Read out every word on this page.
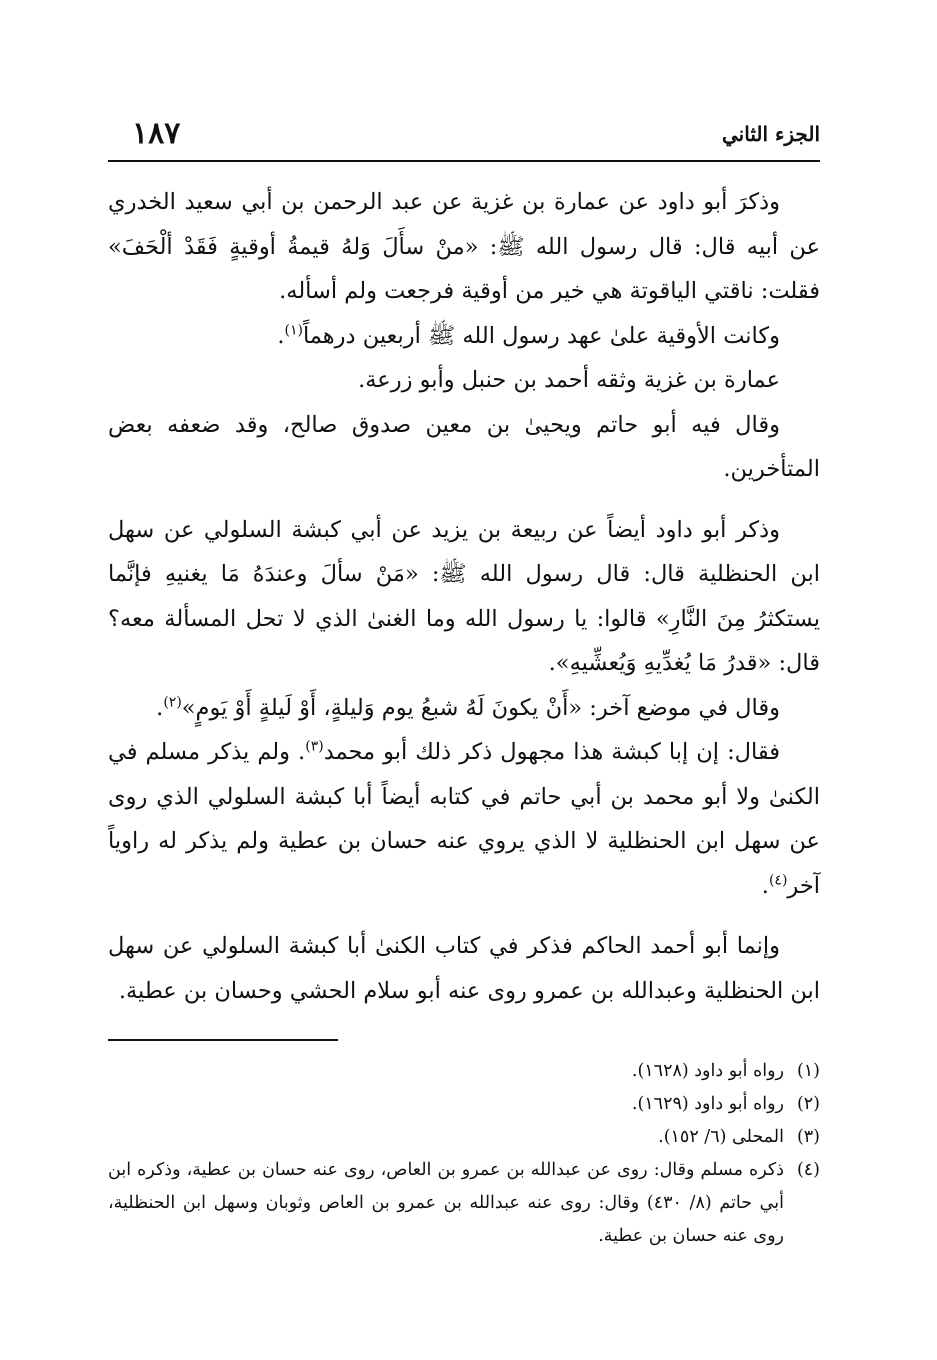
الجزء الثاني
١٨٧

وذكرَ أبو داود عن عمارة بن غزية عن عبد الرحمن بن أبي سعيد الخدري عن أبيه قال: قال رسول الله ﷺ: «منْ سأَلَ وَلهُ قيمةُ أوقيةٍ فَقَدْ ألْحَفَ» فقلت: ناقتي الياقوتة هي خير من أوقية فرجعت ولم أسأله.

وكانت الأوقية علىٰ عهد رسول الله ﷺ أربعين درهماً$^{(١)}$.

عمارة بن غزية وثقه أحمد بن حنبل وأبو زرعة.

وقال فيه أبو حاتم ويحيىٰ بن معين صدوق صالح، وقد ضعفه بعض المتأخرين.

وذكر أبو داود أيضاً عن ربيعة بن يزيد عن أبي كبشة السلولي عن سهل ابن الحنظلية قال: قال رسول الله ﷺ: «مَنْ سألَ وعندَهُ مَا يغنيهِ فإنَّما يستكثرُ مِنَ النَّارِ» قالوا: يا رسول الله وما الغنىٰ الذي لا تحل المسألة معه؟ قال: «قدرُ مَا يُغدِّيهِ وَيُعشِّيهِ».

وقال في موضع آخر: «أَنْ يكونَ لَهُ شبعُ يوم وَليلةٍ، أَوْ لَيلةٍ أَوْ يَومٍ»$^{(٢)}$.

فقال: إن إبا كبشة هذا مجهول ذكر ذلك أبو محمد$^{(٣)}$. ولم يذكر مسلم في الكنىٰ ولا أبو محمد بن أبي حاتم في كتابه أيضاً أبا كبشة السلولي الذي روى عن سهل ابن الحنظلية لا الذي يروي عنه حسان بن عطية ولم يذكر له راوياً آخر$^{(٤)}$.

وإنما أبو أحمد الحاكم فذكر في كتاب الكنىٰ أبا كبشة السلولي عن سهل ابن الحنظلية وعبدالله بن عمرو روى عنه أبو سلام الحشي وحسان بن عطية.

(١)
رواه أبو داود (١٦٢٨).
(٢)
رواه أبو داود (١٦٢٩).
(٣)
المحلى (٦/ ١٥٢).
(٤)
ذكره مسلم وقال: روى عن عبدالله بن عمرو بن العاص، روى عنه حسان بن عطية، وذكره ابن أبي حاتم (٨/ ٤٣٠) وقال: روى عنه عبدالله بن عمرو بن العاص وثوبان وسهل ابن الحنظلية، روى عنه حسان بن عطية.
